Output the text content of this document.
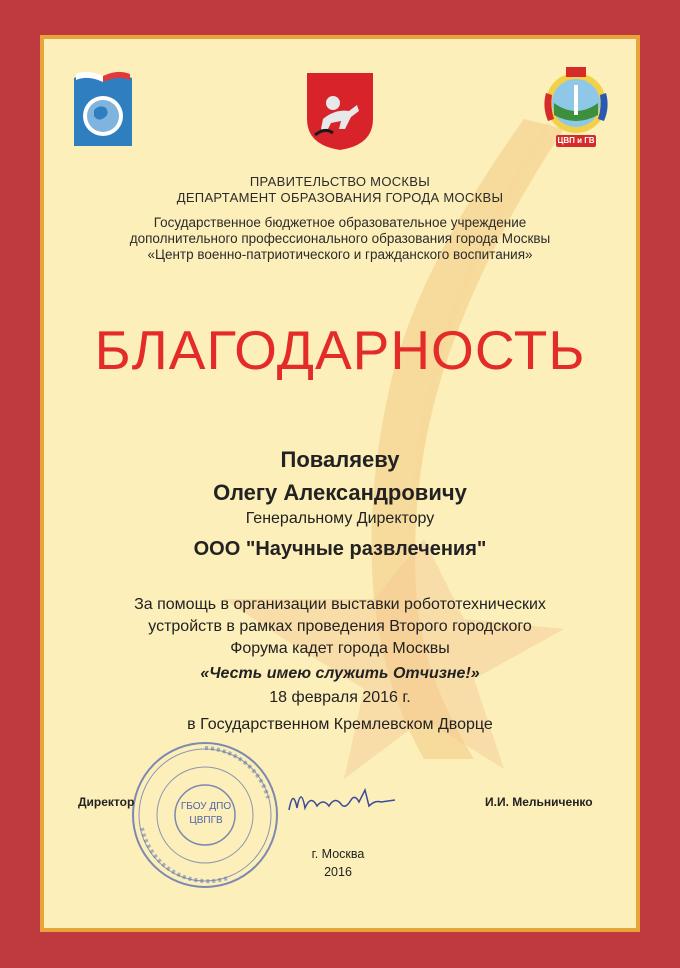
ЦВП и ГВ
ПРАВИТЕЛЬСТВО МОСКВЫ
ДЕПАРТАМЕНТ ОБРАЗОВАНИЯ ГОРОДА МОСКВЫ
Государственное бюджетное образовательное учреждение
дополнительного профессионального образования города Москвы
«Центр военно-патриотического и гражданского воспитания»
БЛАГОДАРНОСТЬ
Поваляеву
Олегу Александровичу
Генеральному Директору
ООО "Научные развлечения"
За помощь в организации выставки робототехнических
устройств в рамках проведения Второго городского
Форума кадет города Москвы
«Честь имею служить Отчизне!»
18 февраля 2016 г.
в Государственном Кремлевском Дворце
ГБОУ ДПО ЦВПГВ
Директор	И.И. Мельниченко
г. Москва
2016
